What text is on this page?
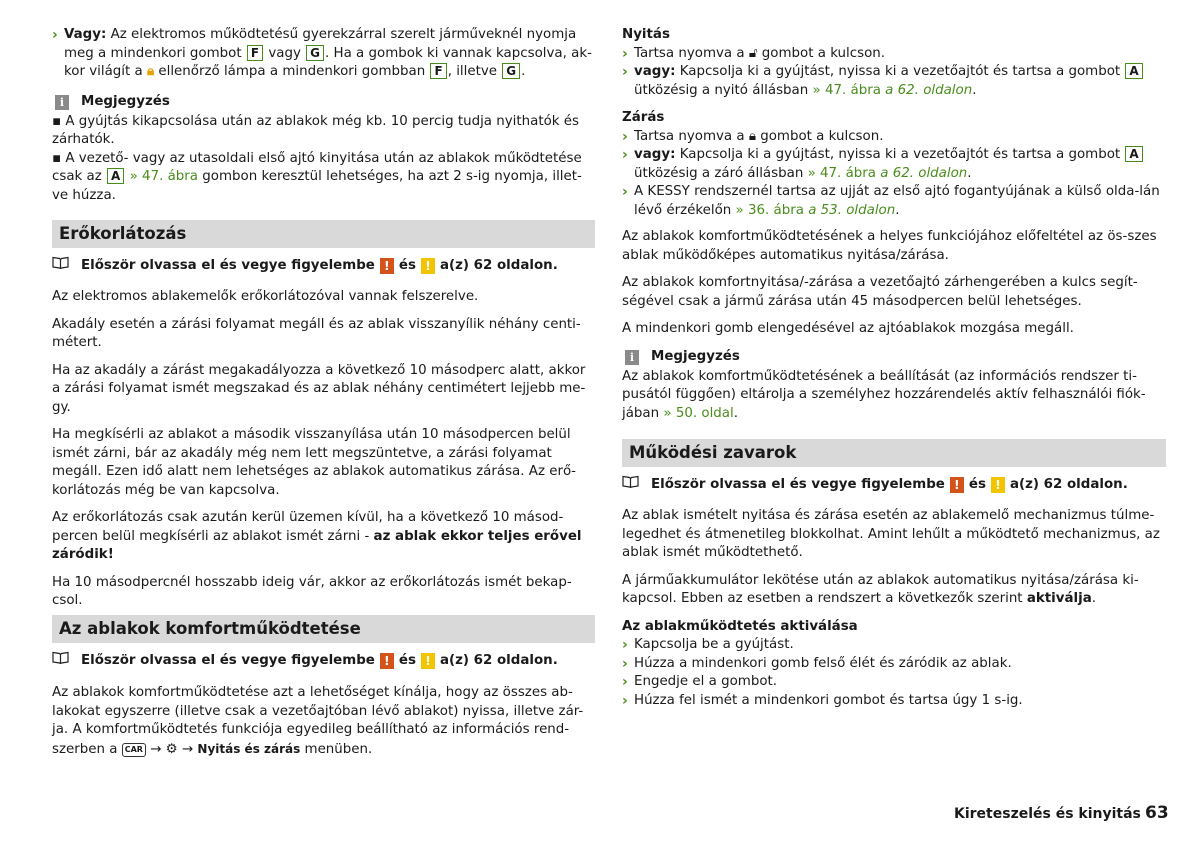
› Vagy: Az elektromos működtetésű gyerekzárral szerelt járműveknél nyomja meg a mindenkori gombot F vagy G . Ha a gombok ki vannak kapcsolva, ak-kor világít a 🔒︎ ellenőrző lámpa a mindenkori gombban F , illetve G .

i	Megjegyzés

▪ A gyújtás kikapcsolása után az ablakok még kb. 10 percig tudja nyithatók és zárhatók.

▪ A vezető- vagy az utasoldali első ajtó kinyitása után az ablakok működtetése csak az A » 47. ábra gombon keresztül lehetséges, ha azt 2 s-ig nyomja, illet-ve húzza.

Erőkorlátozás
Először olvassa el és vegye figyelembe ! és ! a(z) 62 oldalon.

Az elektromos ablakemelők erőkorlátozóval vannak felszerelve.

Akadály esetén a zárási folyamat megáll és az ablak visszanyílik néhány centi-métert.

Ha az akadály a zárást megakadályozza a következő 10 másodperc alatt, akkor a zárási folyamat ismét megszakad és az ablak néhány centimétert lejjebb me-gy.

Ha megkísérli az ablakot a második visszanyílása után 10 másodpercen belül ismét zárni, bár az akadály még nem lett megszüntetve, a zárási folyamat megáll. Ezen idő alatt nem lehetséges az ablakok automatikus zárása. Az erő-korlátozás még be van kapcsolva.

Az erőkorlátozás csak azután kerül üzemen kívül, ha a következő 10 másod-percen belül megkísérli az ablakot ismét zárni - az ablak ekkor teljes erővel záródik!

Ha 10 másodpercnél hosszabb ideig vár, akkor az erőkorlátozás ismét bekap-csol.

Az ablakok komfortműködtetése
Először olvassa el és vegye figyelembe ! és ! a(z) 62 oldalon.

Az ablakok komfortműködtetése azt a lehetőséget kínálja, hogy az összes ab-lakokat egyszerre (illetve csak a vezetőajtóban lévő ablakot) nyissa, illetve zár-ja. A komfortműködtetés funkciója egyedileg beállítható az információs rend-szerben a CAR → ⚙︎ → Nyitás és zárás menüben.

Nyitás

› Tartsa nyomva a 🔓︎ gombot a kulcson.

› vagy: Kapcsolja ki a gyújtást, nyissa ki a vezetőajtót és tartsa a gombot A ütközésig a nyitó állásban » 47. ábra a 62. oldalon.

Zárás

› Tartsa nyomva a 🔒︎ gombot a kulcson.

› vagy: Kapcsolja ki a gyújtást, nyissa ki a vezetőajtót és tartsa a gombot A ütközésig a záró állásban » 47. ábra a 62. oldalon.

› A KESSY rendszernél tartsa az ujját az első ajtó fogantyújának a külső olda-lán lévő érzékelőn » 36. ábra a 53. oldalon.

Az ablakok komfortműködtetésének a helyes funkciójához előfeltétel az ös-szes ablak működőképes automatikus nyitása/zárása.

Az ablakok komfortnyitása/-zárása a vezetőajtó zárhengerében a kulcs segít-ségével csak a jármű zárása után 45 másodpercen belül lehetséges.

A mindenkori gomb elengedésével az ajtóablakok mozgása megáll.

i	Megjegyzés

Az ablakok komfortműködtetésének a beállítását (az információs rendszer ti-pusától függően) eltárolja a személyhez hozzárendelés aktív felhasználói fiók-jában » 50. oldal.

Működési zavarok
Először olvassa el és vegye figyelembe ! és ! a(z) 62 oldalon.

Az ablak ismételt nyitása és zárása esetén az ablakemelő mechanizmus túlme-legedhet és átmenetileg blokkolhat. Amint lehűlt a működtető mechanizmus, az ablak ismét működtethető.

A járműakkumulátor lekötése után az ablakok automatikus nyitása/zárása ki-kapcsol. Ebben az esetben a rendszert a következők szerint aktiválja.

Az ablakműködtetés aktiválása

› Kapcsolja be a gyújtást.

› Húzza a mindenkori gomb felső élét és záródik az ablak.

› Engedje el a gombot.

› Húzza fel ismét a mindenkori gombot és tartsa úgy 1 s-ig.

Kireteszelés és kinyitás 63
